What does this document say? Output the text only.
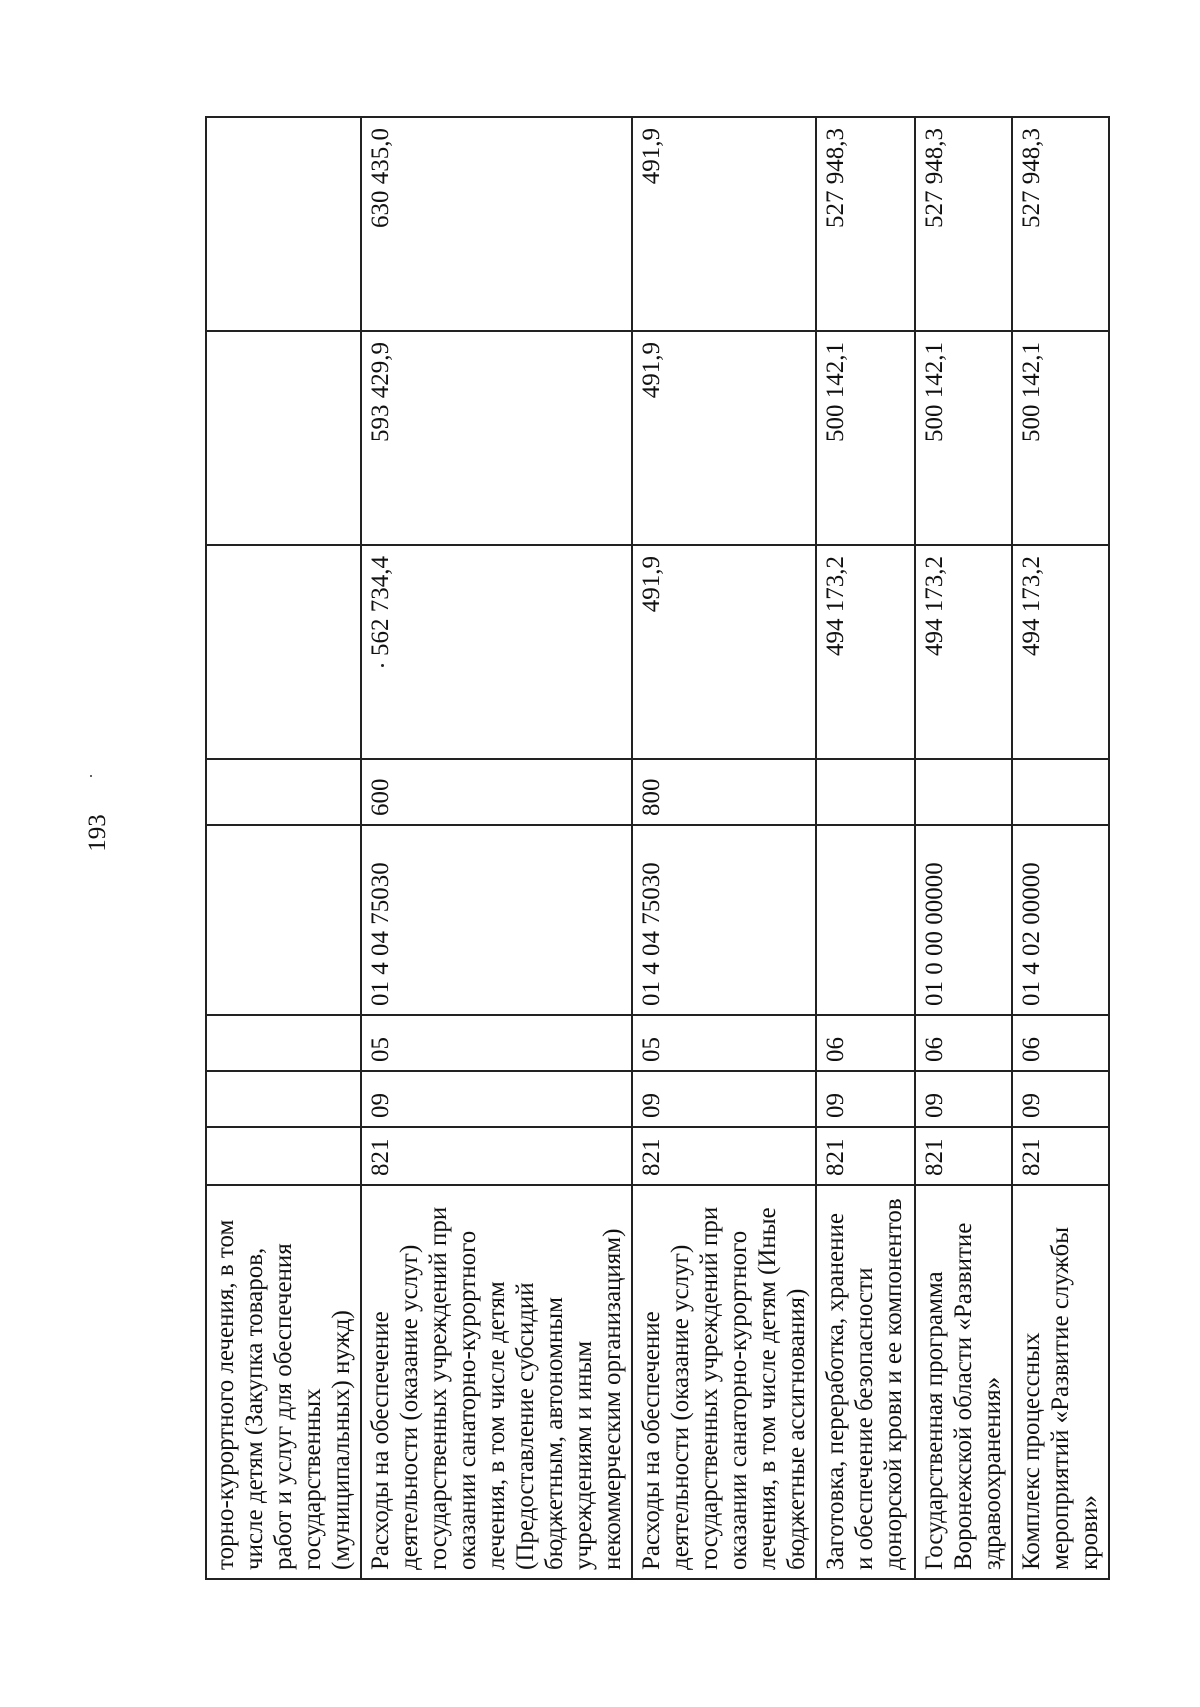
193
торно-курортного лечения, в том числе детям (Закупка товаров, работ и услуг для обеспечения государственных (муниципальных) нужд)								
Расходы на обеспечение деятельности (оказание услуг) государственных учреждений при оказании санаторно-курортного лечения, в том числе детям (Предоставление субсидий бюджетным, автономным учреждениям и иным некоммерческим организациям)	821	09	05	01 4 04 75030	600	562 734,4	593 429,9	630 435,0
Расходы на обеспечение деятельности (оказание услуг) государственных учреждений при оказании санаторно-курортного лечения, в том числе детям (Иные бюджетные ассигнования)	821	09	05	01 4 04 75030	800	491,9	491,9	491,9
Заготовка, переработка, хранение и обеспечение безопасности донорской крови и ее компонентов	821	09	06			494 173,2	500 142,1	527 948,3
Государственная программа Воронежской области «Развитие здравоохранения»	821	09	06	01 0 00 00000		494 173,2	500 142,1	527 948,3
Комплекс процессных мероприятий «Развитие службы крови»	821	09	06	01 4 02 00000		494 173,2	500 142,1	527 948,3
